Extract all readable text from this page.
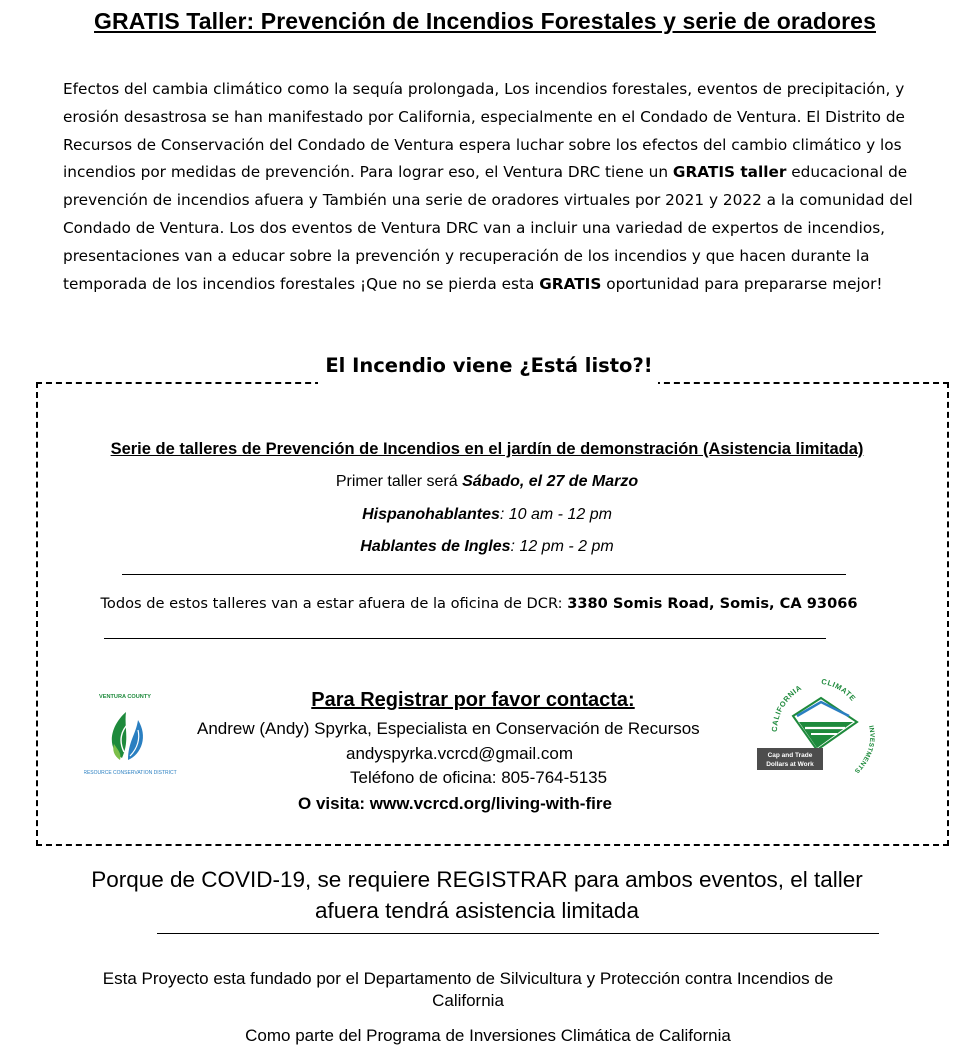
GRATIS Taller: Prevención de Incendios Forestales y serie de oradores

Efectos del cambia climático como la sequía prolongada, Los incendios forestales, eventos de precipitación, y erosión desastrosa se han manifestado por California, especialmente en el Condado de Ventura. El Distrito de Recursos de Conservación del Condado de Ventura espera luchar sobre los efectos del cambio climático y los incendios por medidas de prevención. Para lograr eso, el Ventura DRC tiene un GRATIS taller educacional de prevención de incendios afuera y También una serie de oradores virtuales por 2021 y 2022 a la comunidad del Condado de Ventura. Los dos eventos de Ventura DRC van a incluir una variedad de expertos de incendios, presentaciones van a educar sobre la prevención y recuperación de los incendios y que hacen durante la temporada de los incendios forestales ¡Que no se pierda esta GRATIS oportunidad para prepararse mejor!

El Incendio viene ¿Está listo?!

Serie de talleres de Prevención de Incendios en el jardín de demonstración (Asistencia limitada)

Primer taller será Sábado, el 27 de Marzo

Hispanohablantes: 10 am - 12 pm

Hablantes de Ingles: 12 pm - 2 pm

Todos de estos talleres van a estar afuera de la oficina de DCR: 3380 Somis Road, Somis, CA 93066

VENTURA COUNTY
RESOURCE CONSERVATION DISTRICT

Para Registrar por favor contacta:

Andrew (Andy) Spyrka, Especialista en Conservación de Recursos

andyspyrka.vcrcd@gmail.com

Teléfono de oficina: 805-764-5135

O visita: www.vcrcd.org/living-with-fire

CALIFORNIA
CLIMATE
INVESTMENTS
Cap and Trade
Dollars at Work

Porque de COVID-19, se requiere REGISTRAR para ambos eventos, el taller
afuera tendrá asistencia limitada

Esta Proyecto esta fundado por el Departamento de Silvicultura y Protección contra Incendios de
California

Como parte del Programa de Inversiones Climática de California
